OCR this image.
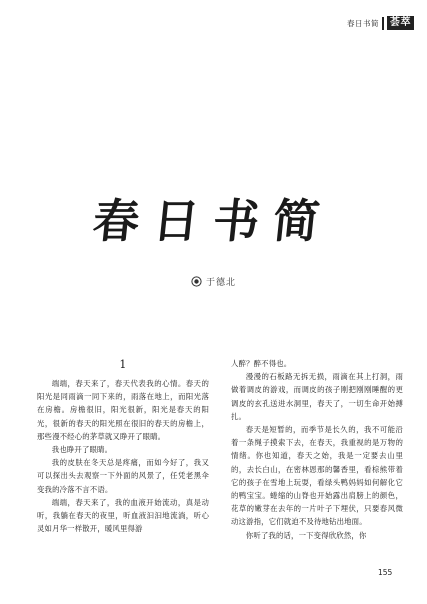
春日书简	荟萃
春日书简
于德北
1

端端，春天来了，春天代表我的心情。春天的阳光是同雨滴一同下来的，雨落在地上，而阳光落在房檐。房檐很旧，阳光很新，阳光是春天的阳光，很新的春天的阳光照在很旧的春天的房檐上，那些漫不经心的茅草就又睁开了眼睛。

我也睁开了眼睛。

我的皮肤在冬天总是疼痛，而如今好了，我又可以探出头去观察一下外面的风景了，任凭老黑伞变我的冷落不言不语。

端端，春天来了，我的血液开始流动，真是动听，我躺在春天的夜里，听血液汩汩地流淌，听心灵如月华一样散开，暖风里得游

人醉？醉不得也。

漫漫的石板路无拆无损，雨滴在其上打洞，雨做着调皮的游戏，而调皮的孩子刚把刚刚睡醒的更调皮的玄孔送进水洞里，春天了，一切生命开始搏扎。

春天是短暂的，而季节是长久的，我不可能沿着一条绳子摸索下去，在春天，我重视的是万物的情绪。你也知道，春天之始，我是一定要去山里的，去长白山，在密林恩那的馨香里，看棕熊带着它的孩子在雪地上玩耍，看绿头鸭妈妈如何解化它的鸭宝宝。蜷缩的山脊也开始露出肩膀上的颜色，花草的嫩芽在去年的一片叶子下埋伏，只要春风微动这游指，它们就迫不及待地钻出地面。

你听了我的话，一下变得欣欣然，你

155
